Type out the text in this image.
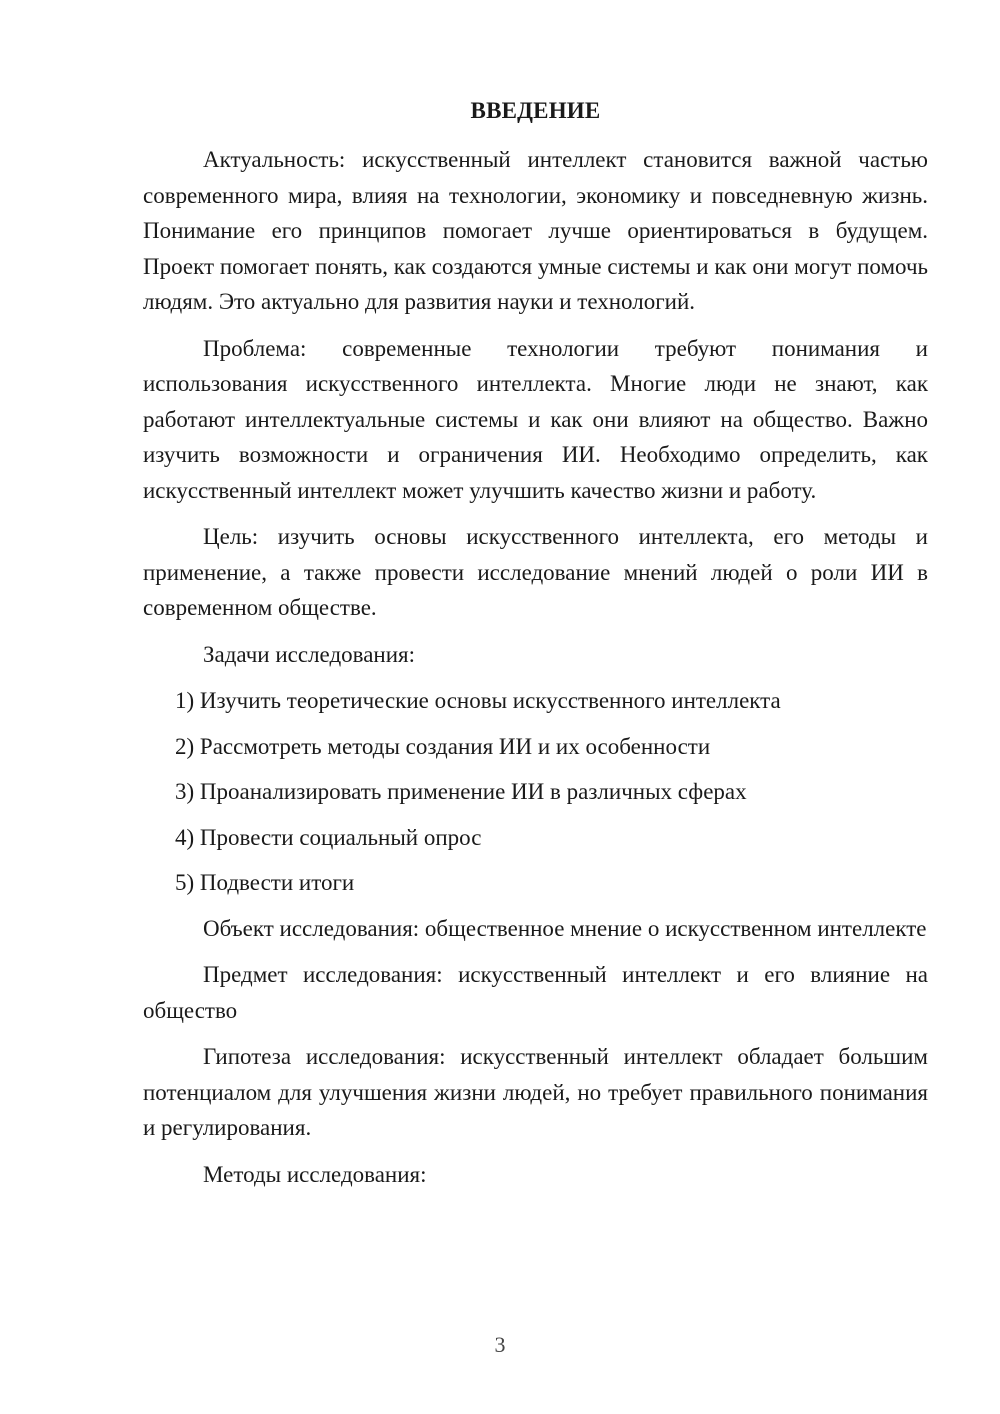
ВВЕДЕНИЕ

Актуальность: искусственный интеллект становится важной частью современного мира, влияя на технологии, экономику и повседневную жизнь. Понимание его принципов помогает лучше ориентироваться в будущем. Проект помогает понять, как создаются умные системы и как они могут помочь людям. Это актуально для развития науки и технологий.

Проблема: современные технологии требуют понимания и использования искусственного интеллекта. Многие люди не знают, как работают интеллектуальные системы и как они влияют на общество. Важно изучить возможности и ограничения ИИ. Необходимо определить, как искусственный интеллект может улучшить качество жизни и работу.

Цель: изучить основы искусственного интеллекта, его методы и применение, а также провести исследование мнений людей о роли ИИ в современном обществе.

Задачи исследования:

1) Изучить теоретические основы искусственного интеллекта
2) Рассмотреть методы создания ИИ и их особенности
3) Проанализировать применение ИИ в различных сферах
4) Провести социальный опрос
5) Подвести итоги

Объект исследования: общественное мнение о искусственном интеллекте

Предмет исследования: искусственный интеллект и его влияние на общество

Гипотеза исследования: искусственный интеллект обладает большим потенциалом для улучшения жизни людей, но требует правильного понимания и регулирования.

Методы исследования:

3
